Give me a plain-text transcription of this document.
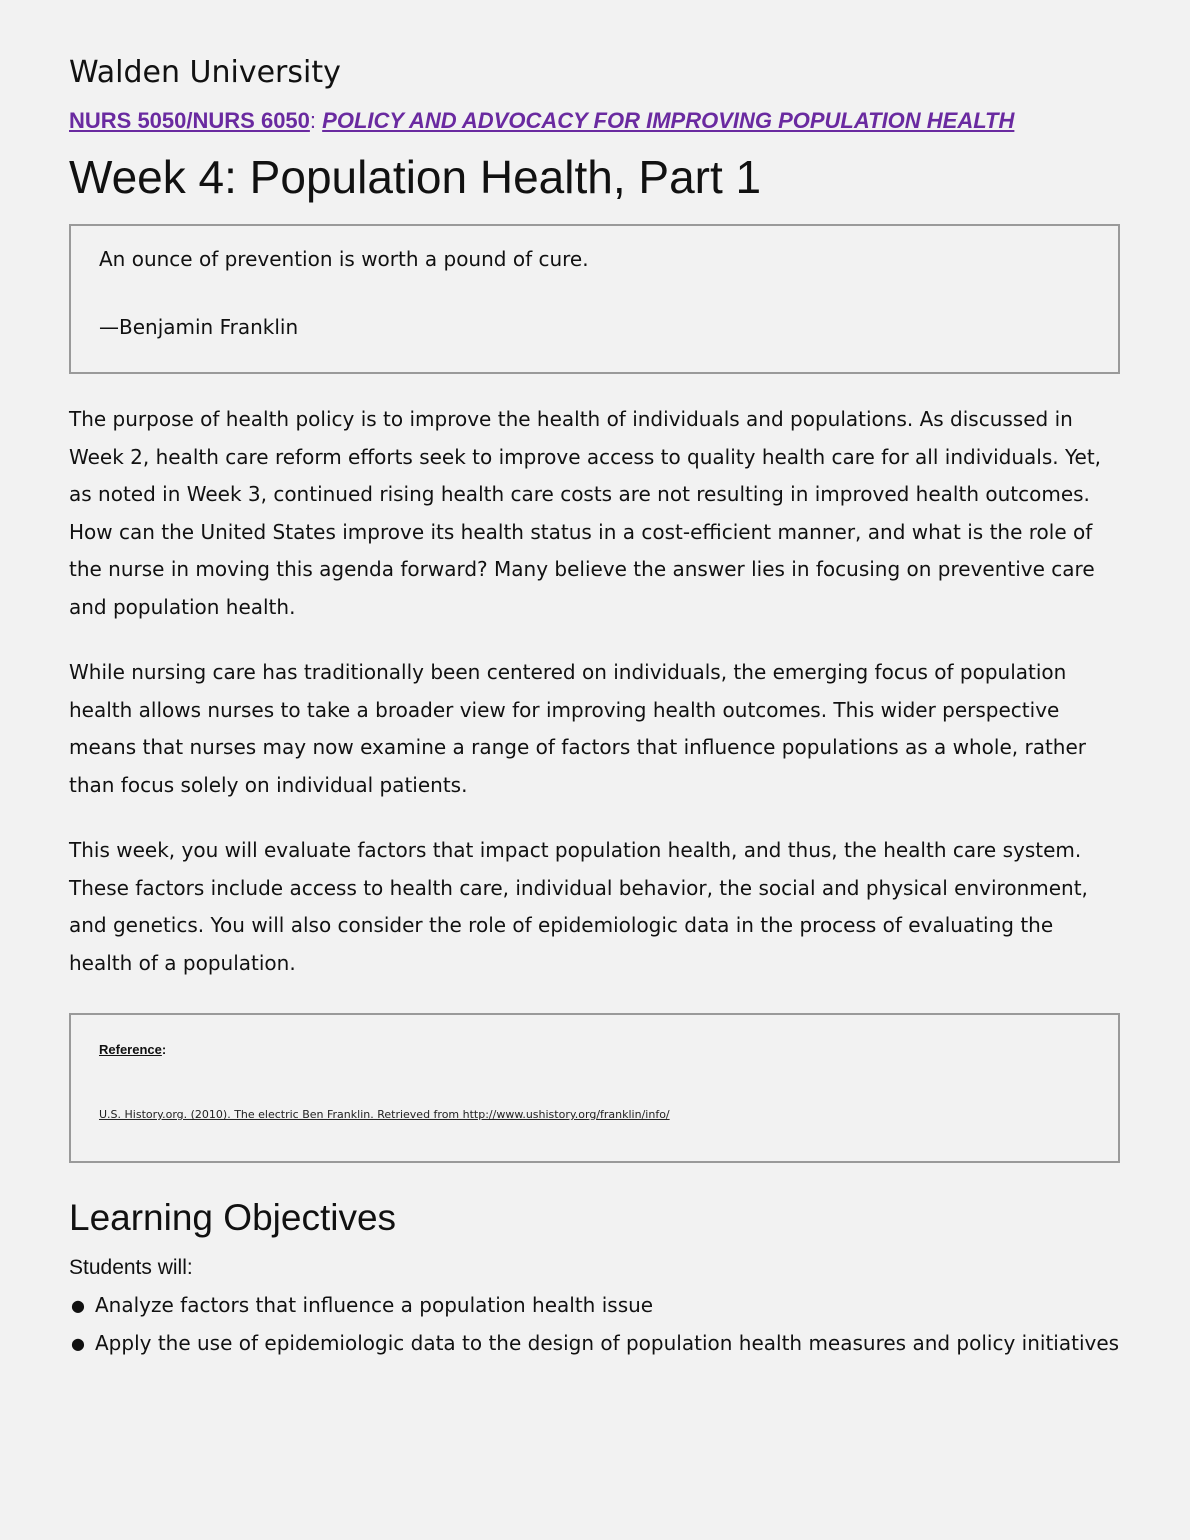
Walden University

NURS 5050/NURS 6050: POLICY AND ADVOCACY FOR IMPROVING POPULATION HEALTH

Week 4: Population Health, Part 1

An ounce of prevention is worth a pound of cure.

—Benjamin Franklin

The purpose of health policy is to improve the health of individuals and populations. As discussed in Week 2, health care reform efforts seek to improve access to quality health care for all individuals. Yet, as noted in Week 3, continued rising health care costs are not resulting in improved health outcomes. How can the United States improve its health status in a cost-efficient manner, and what is the role of the nurse in moving this agenda forward? Many believe the answer lies in focusing on preventive care and population health.

While nursing care has traditionally been centered on individuals, the emerging focus of population health allows nurses to take a broader view for improving health outcomes. This wider perspective means that nurses may now examine a range of factors that influence populations as a whole, rather than focus solely on individual patients.

This week, you will evaluate factors that impact population health, and thus, the health care system. These factors include access to health care, individual behavior, the social and physical environment, and genetics. You will also consider the role of epidemiologic data in the process of evaluating the health of a population.

Reference:

U.S. History.org. (2010). The electric Ben Franklin. Retrieved from http://www.ushistory.org/franklin/info/

Learning Objectives

Students will:

● Analyze factors that influence a population health issue
● Apply the use of epidemiologic data to the design of population health measures and policy initiatives
